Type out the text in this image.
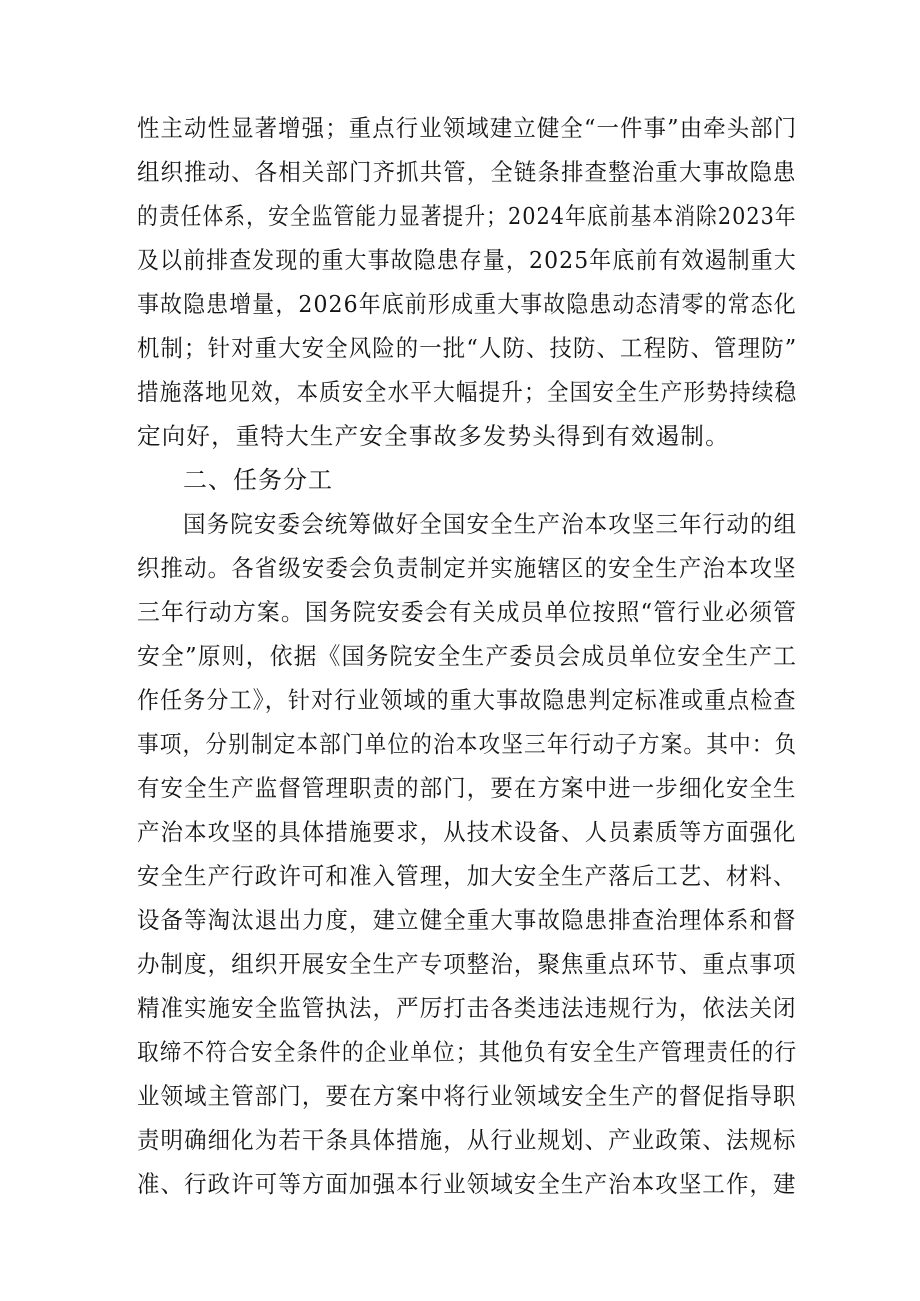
性主动性显著增强；重点行业领域建立健全“一件事”由牵头部门
组织推动、各相关部门齐抓共管，全链条排查整治重大事故隐患
的责任体系，安全监管能力显著提升；2024年底前基本消除2023年
及以前排查发现的重大事故隐患存量，2025年底前有效遏制重大
事故隐患增量，2026年底前形成重大事故隐患动态清零的常态化
机制；针对重大安全风险的一批“人防、技防、工程防、管理防”
措施落地见效，本质安全水平大幅提升；全国安全生产形势持续稳
定向好，重特大生产安全事故多发势头得到有效遏制。
二、任务分工
国务院安委会统筹做好全国安全生产治本攻坚三年行动的组
织推动。各省级安委会负责制定并实施辖区的安全生产治本攻坚
三年行动方案。国务院安委会有关成员单位按照“管行业必须管
安全”原则，依据《国务院安全生产委员会成员单位安全生产工
作任务分工》，针对行业领域的重大事故隐患判定标准或重点检查
事项，分别制定本部门单位的治本攻坚三年行动子方案。其中：负
有安全生产监督管理职责的部门，要在方案中进一步细化安全生
产治本攻坚的具体措施要求，从技术设备、人员素质等方面强化
安全生产行政许可和准入管理，加大安全生产落后工艺、材料、
设备等淘汰退出力度，建立健全重大事故隐患排查治理体系和督
办制度，组织开展安全生产专项整治，聚焦重点环节、重点事项
精准实施安全监管执法，严厉打击各类违法违规行为，依法关闭
取缔不符合安全条件的企业单位；其他负有安全生产管理责任的行
业领域主管部门，要在方案中将行业领域安全生产的督促指导职
责明确细化为若干条具体措施，从行业规划、产业政策、法规标
准、行政许可等方面加强本行业领域安全生产治本攻坚工作，建
